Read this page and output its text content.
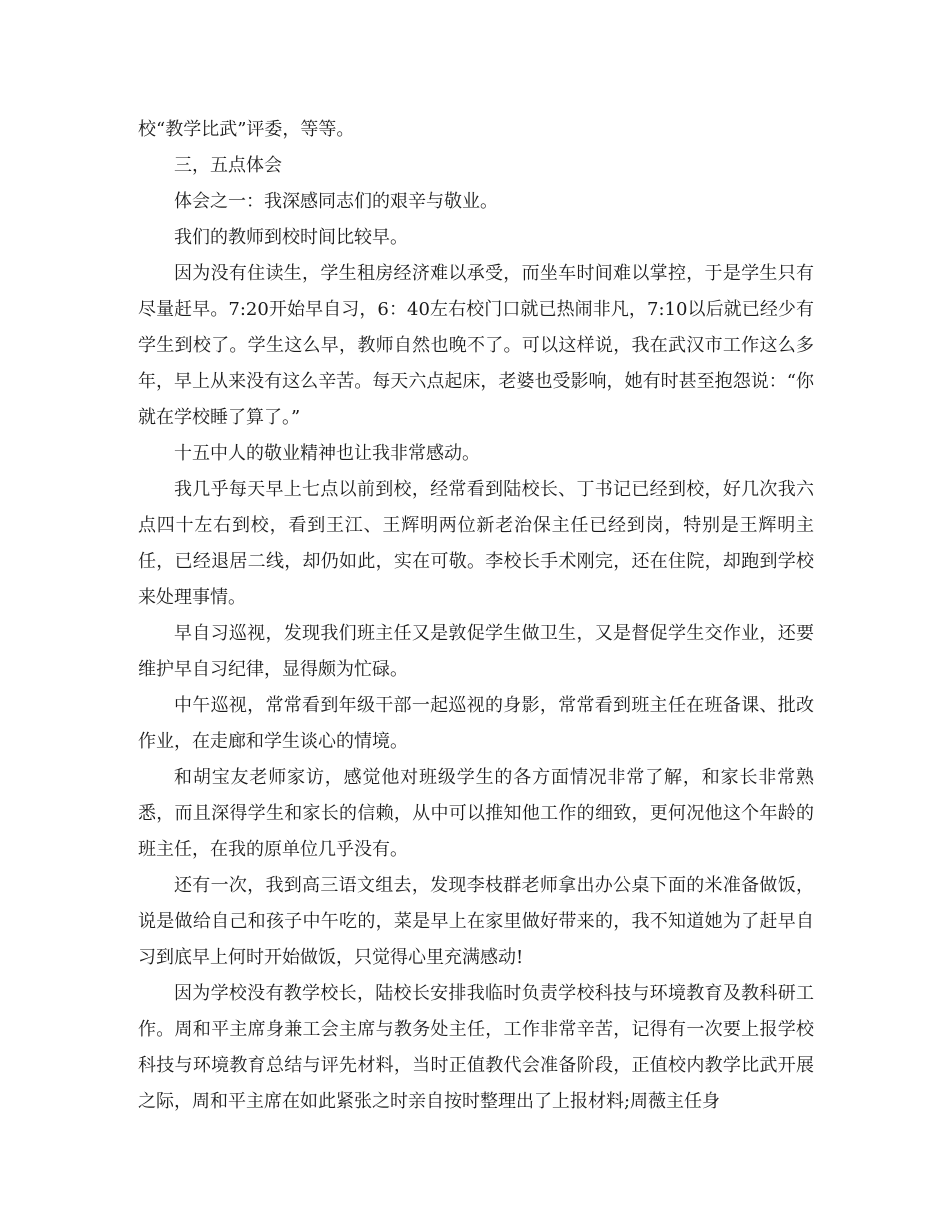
校“教学比武”评委，等等。

三，五点体会

体会之一：我深感同志们的艰辛与敬业。

我们的教师到校时间比较早。

因为没有住读生，学生租房经济难以承受，而坐车时间难以掌控，于是学生只有尽量赶早。7:20开始早自习，6：40左右校门口就已热闹非凡，7:10以后就已经少有学生到校了。学生这么早，教师自然也晚不了。可以这样说，我在武汉市工作这么多年，早上从来没有这么辛苦。每天六点起床，老婆也受影响，她有时甚至抱怨说：“你就在学校睡了算了。”

十五中人的敬业精神也让我非常感动。

我几乎每天早上七点以前到校，经常看到陆校长、丁书记已经到校，好几次我六点四十左右到校，看到王江、王辉明两位新老治保主任已经到岗，特别是王辉明主任，已经退居二线，却仍如此，实在可敬。李校长手术刚完，还在住院，却跑到学校来处理事情。

早自习巡视，发现我们班主任又是敦促学生做卫生，又是督促学生交作业，还要维护早自习纪律，显得颇为忙碌。

中午巡视，常常看到年级干部一起巡视的身影，常常看到班主任在班备课、批改作业，在走廊和学生谈心的情境。

和胡宝友老师家访，感觉他对班级学生的各方面情况非常了解，和家长非常熟悉，而且深得学生和家长的信赖，从中可以推知他工作的细致，更何况他这个年龄的班主任，在我的原单位几乎没有。

还有一次，我到高三语文组去，发现李枝群老师拿出办公桌下面的米准备做饭，说是做给自己和孩子中午吃的，菜是早上在家里做好带来的，我不知道她为了赶早自习到底早上何时开始做饭，只觉得心里充满感动!

因为学校没有教学校长，陆校长安排我临时负责学校科技与环境教育及教科研工作。周和平主席身兼工会主席与教务处主任，工作非常辛苦，记得有一次要上报学校科技与环境教育总结与评先材料，当时正值教代会准备阶段，正值校内教学比武开展之际，周和平主席在如此紧张之时亲自按时整理出了上报材料;周薇主任身
